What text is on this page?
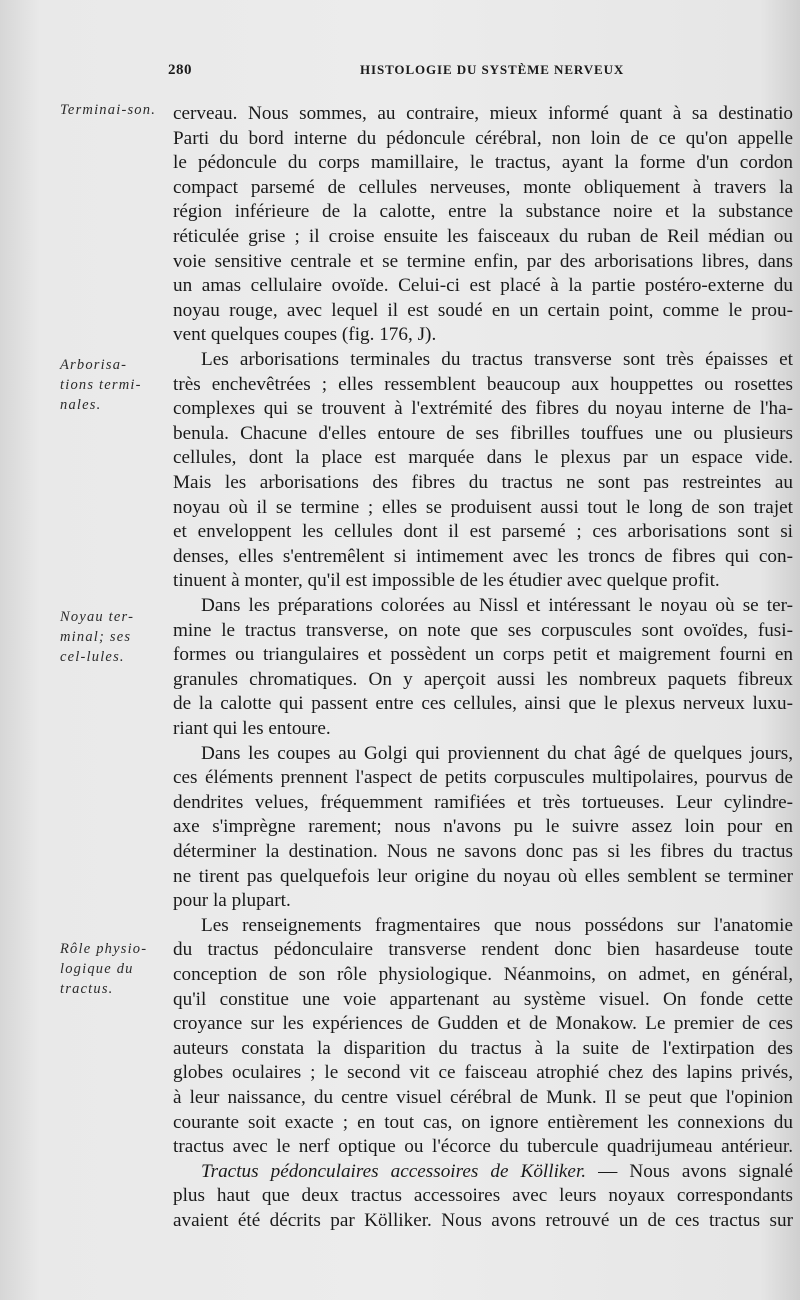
280	HISTOLOGIE DU SYSTÈME NERVEUX
Terminai-son.
Arborisa-tions termi-nales.
Noyau ter-minal; ses cel-lules.
Rôle physio-logique du tractus.
cerveau. Nous sommes, au contraire, mieux informé quant à sa destinatio
Parti du bord interne du pédoncule cérébral, non loin de ce qu'on appelle
le pédoncule du corps mamillaire, le tractus, ayant la forme d'un cordon
compact parsemé de cellules nerveuses, monte obliquement à travers la
région inférieure de la calotte, entre la substance noire et la substance
réticulée grise ; il croise ensuite les faisceaux du ruban de Reil médian ou
voie sensitive centrale et se termine enfin, par des arborisations libres, dans
un amas cellulaire ovoïde. Celui-ci est placé à la partie postéro-externe du
noyau rouge, avec lequel il est soudé en un certain point, comme le prou-
vent quelques coupes (fig. 176, J).
Les arborisations terminales du tractus transverse sont très épaisses et
très enchevêtrées ; elles ressemblent beaucoup aux houppettes ou rosettes
complexes qui se trouvent à l'extrémité des fibres du noyau interne de l'ha-
benula. Chacune d'elles entoure de ses fibrilles touffues une ou plusieurs
cellules, dont la place est marquée dans le plexus par un espace vide.
Mais les arborisations des fibres du tractus ne sont pas restreintes au
noyau où il se termine ; elles se produisent aussi tout le long de son trajet
et enveloppent les cellules dont il est parsemé ; ces arborisations sont si
denses, elles s'entremêlent si intimement avec les troncs de fibres qui con-
tinuent à monter, qu'il est impossible de les étudier avec quelque profit.
Dans les préparations colorées au Nissl et intéressant le noyau où se ter-
mine le tractus transverse, on note que ses corpuscules sont ovoïdes, fusi-
formes ou triangulaires et possèdent un corps petit et maigrement fourni en
granules chromatiques. On y aperçoit aussi les nombreux paquets fibreux
de la calotte qui passent entre ces cellules, ainsi que le plexus nerveux luxu-
riant qui les entoure.
Dans les coupes au Golgi qui proviennent du chat âgé de quelques jours,
ces éléments prennent l'aspect de petits corpuscules multipolaires, pourvus de
dendrites velues, fréquemment ramifiées et très tortueuses. Leur cylindre-
axe s'imprègne rarement; nous n'avons pu le suivre assez loin pour en
déterminer la destination. Nous ne savons donc pas si les fibres du tractus
ne tirent pas quelquefois leur origine du noyau où elles semblent se terminer
pour la plupart.
Les renseignements fragmentaires que nous possédons sur l'anatomie
du tractus pédonculaire transverse rendent donc bien hasardeuse toute
conception de son rôle physiologique. Néanmoins, on admet, en général,
qu'il constitue une voie appartenant au système visuel. On fonde cette
croyance sur les expériences de Gudden et de Monakow. Le premier de ces
auteurs constata la disparition du tractus à la suite de l'extirpation des
globes oculaires ; le second vit ce faisceau atrophié chez des lapins privés,
à leur naissance, du centre visuel cérébral de Munk. Il se peut que l'opinion
courante soit exacte ; en tout cas, on ignore entièrement les connexions du
tractus avec le nerf optique ou l'écorce du tubercule quadrijumeau antérieur.
Tractus pédonculaires accessoires de Kölliker. — Nous avons signalé
plus haut que deux tractus accessoires avec leurs noyaux correspondants
avaient été décrits par Kölliker. Nous avons retrouvé un de ces tractus sur
